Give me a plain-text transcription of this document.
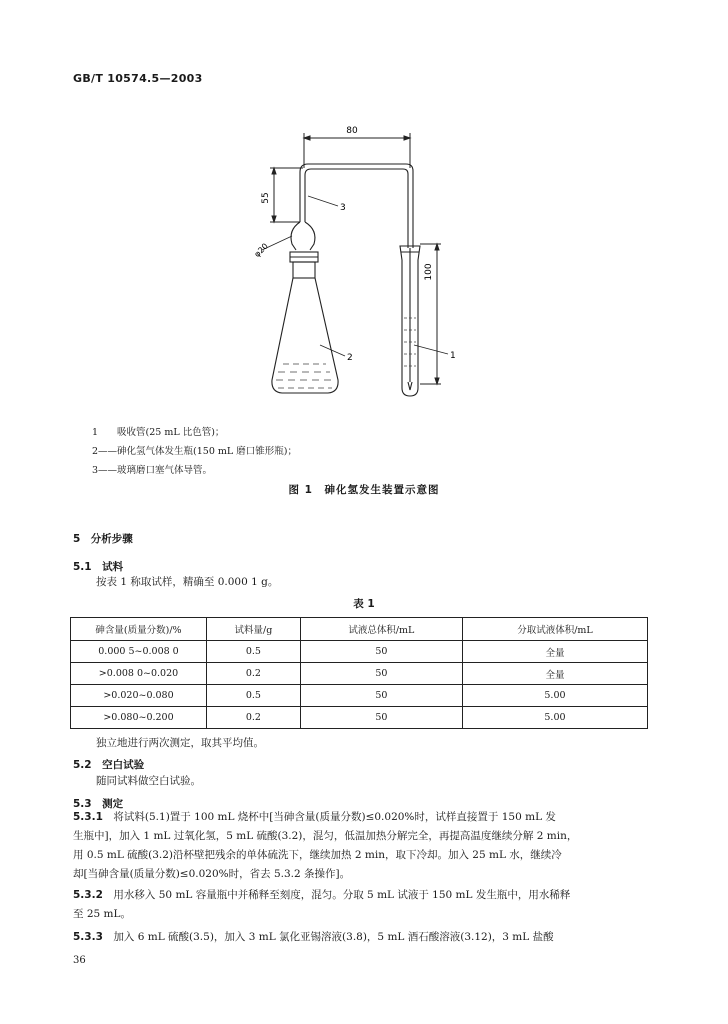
GB/T 10574.5—2003
80
55
φ20
100
3
2	1
1　　吸收管(25 mL 比色管)；
2——砷化氢气体发生瓶(150 mL 磨口锥形瓶)；
3——玻璃磨口塞气体导管。
图 1　砷化氢发生装置示意图
5　分析步骤
5.1　试料
按表 1 称取试样，精确至 0.000 1 g。
表 1
砷含量(质量分数)/%	试料量/g	试液总体积/mL	分取试液体积/mL
0.000 5~0.008 0	0.5	50	全量
>0.008 0~0.020	0.2	50	全量
>0.020~0.080	0.5	50	5.00
>0.080~0.200	0.2	50	5.00
独立地进行两次测定，取其平均值。
5.2　空白试验
随同试料做空白试验。
5.3　测定
5.3.1　 将试料(5.1)置于 100 mL 烧杯中[当砷含量(质量分数)≤0.020%时，试样直接置于 150 mL 发
生瓶中]，加入 1 mL 过氧化氢，5 mL 硫酸(3.2)，混匀，低温加热分解完全，再提高温度继续分解 2 min，
用 0.5 mL 硫酸(3.2)沿杯壁把残余的单体硫洗下，继续加热 2 min，取下冷却。加入 25 mL 水，继续冷
却[当砷含量(质量分数)≤0.020%时，省去 5.3.2 条操作]。
5.3.2　 用水移入 50 mL 容量瓶中并稀释至刻度，混匀。分取 5 mL 试液于 150 mL 发生瓶中，用水稀释
至 25 mL。
5.3.3　 加入 6 mL 硫酸(3.5)，加入 3 mL 氯化亚锡溶液(3.8)，5 mL 酒石酸溶液(3.12)，3 mL 盐酸
36
